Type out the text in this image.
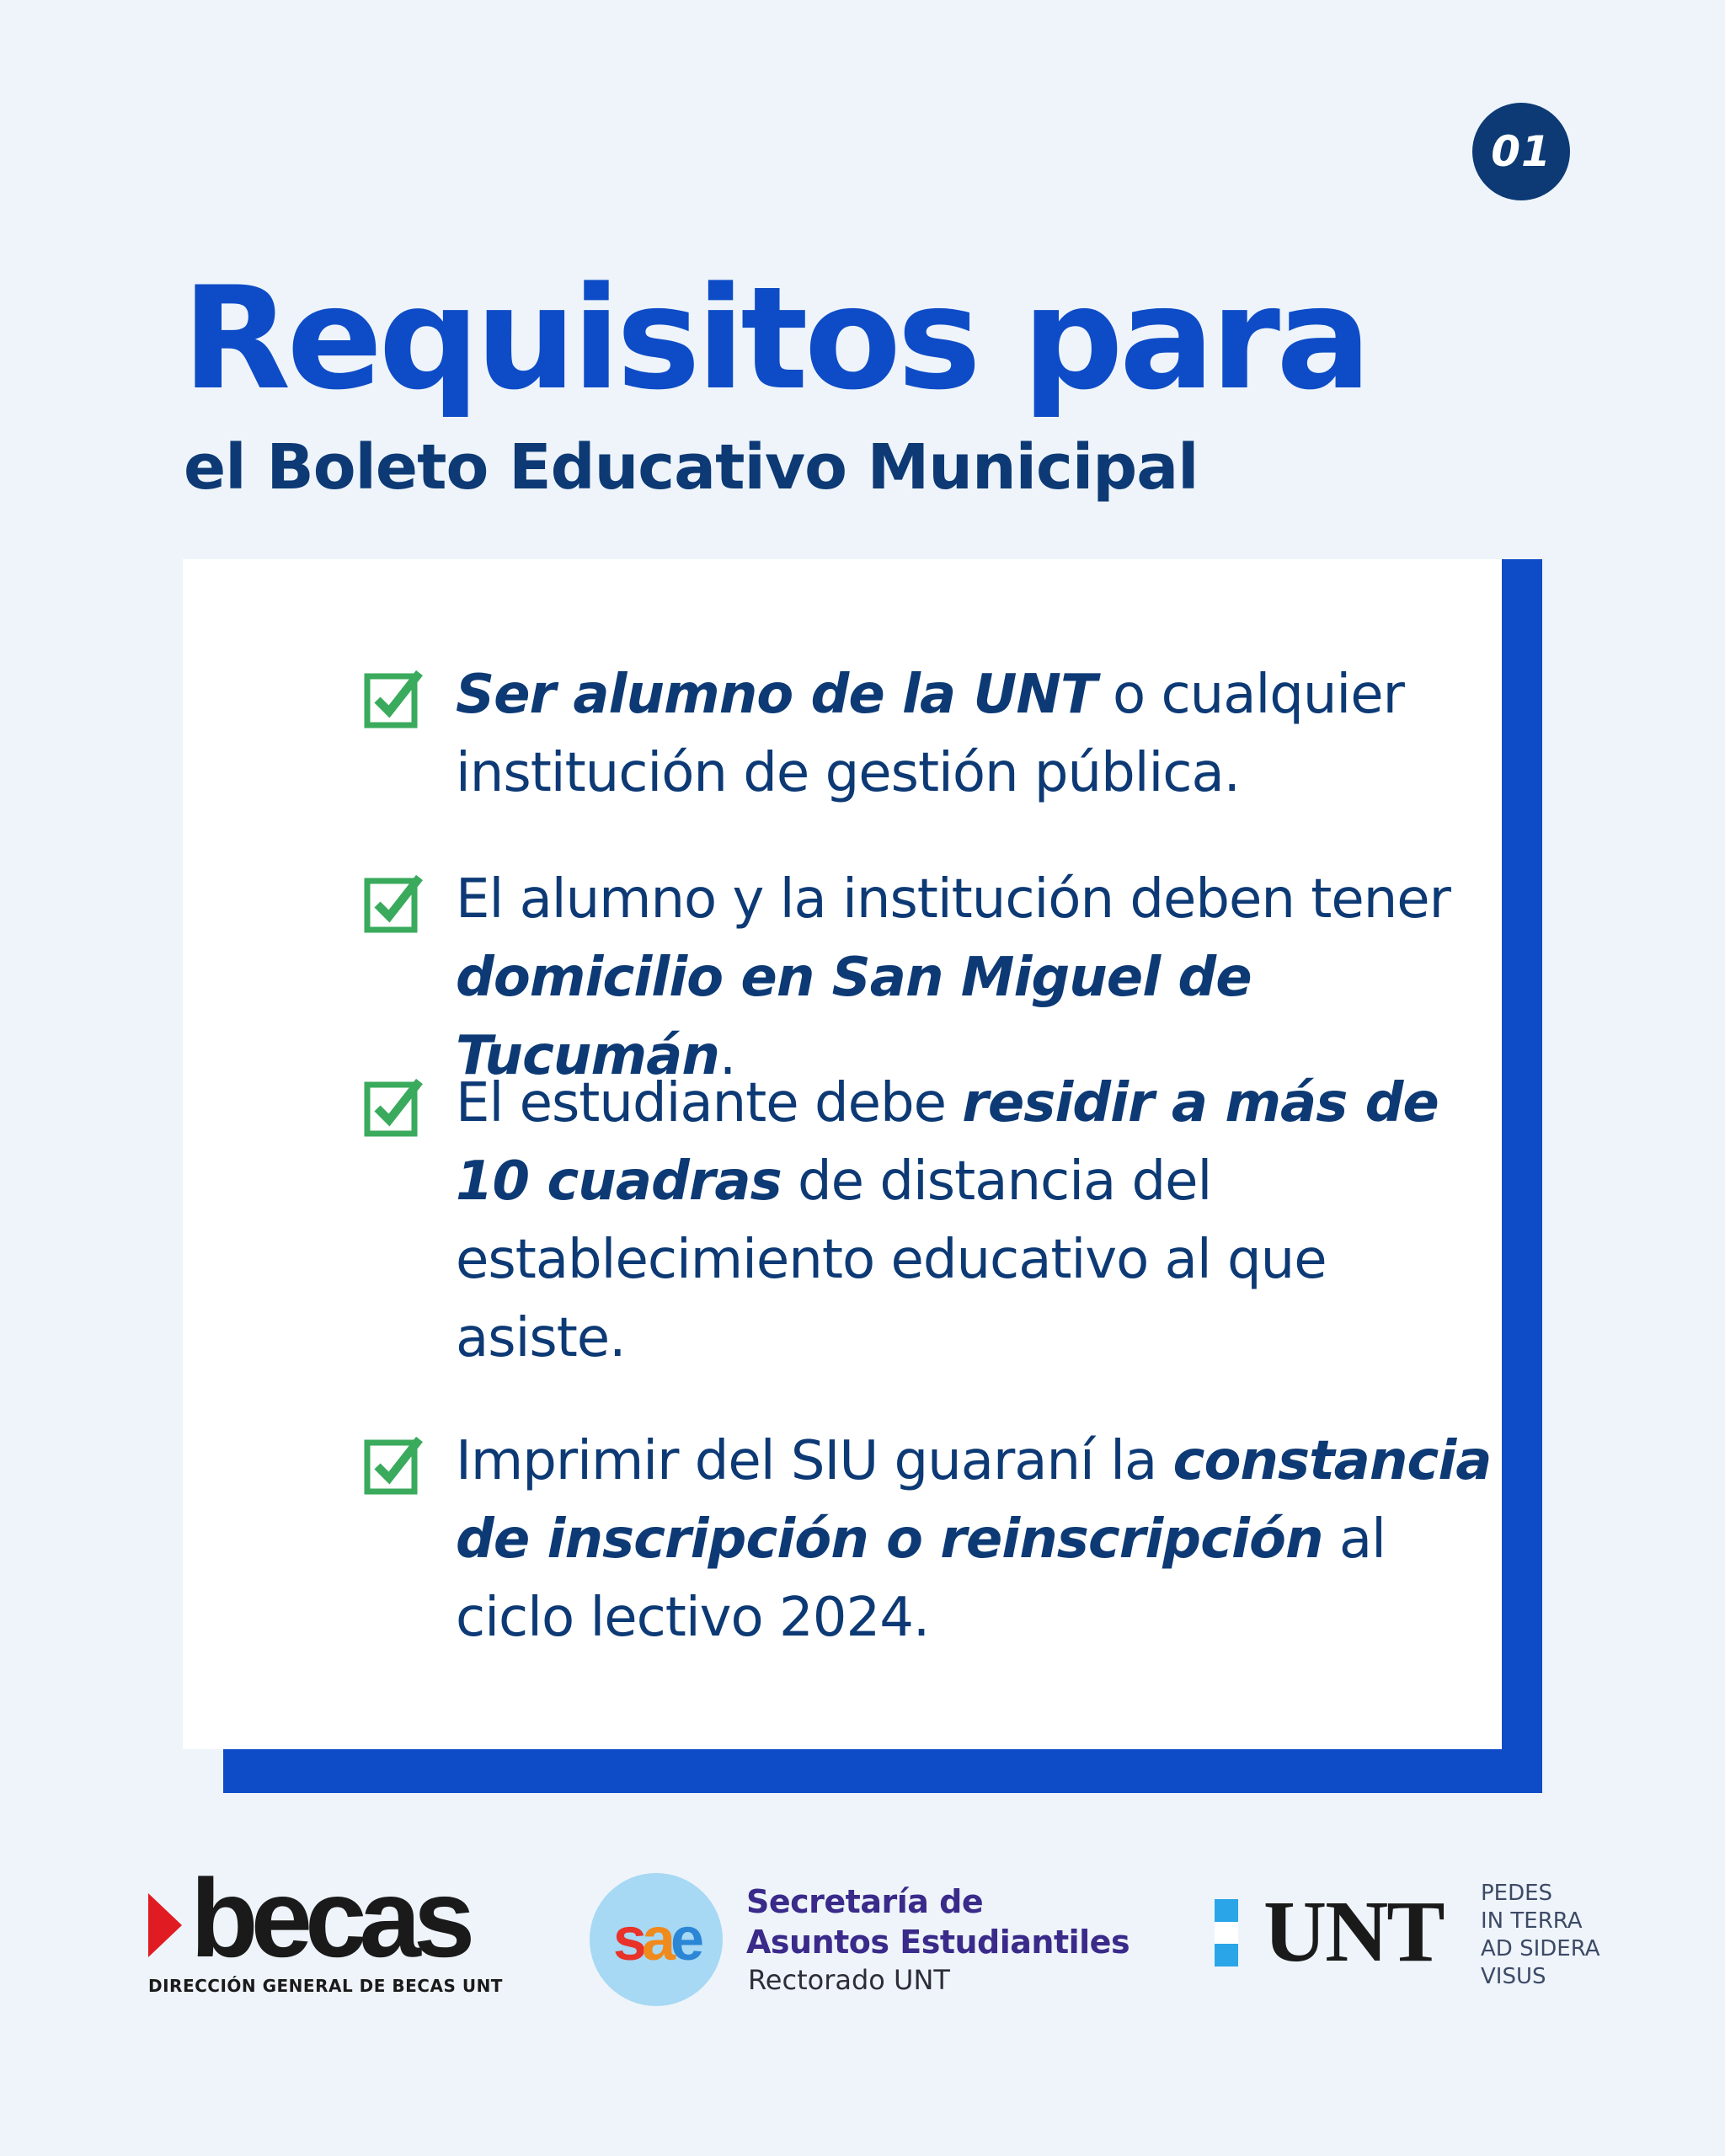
01
Requisitos para
el Boleto Educativo Municipal
Ser alumno de la UNT o cualquier institución de gestión pública.
El alumno y la institución deben tener domicilio en San Miguel de Tucumán.
El estudiante debe residir a más de 10 cuadras de distancia del establecimiento educativo al que asiste.
Imprimir del SIU guaraní la constancia de inscripción o reinscripción al ciclo lectivo 2024.
becas
DIRECCIÓN GENERAL DE BECAS UNT
s a e
Secretaría de
Asuntos Estudiantiles
Rectorado UNT	UNT PEDES
IN TERRA
AD SIDERA
VISUS
